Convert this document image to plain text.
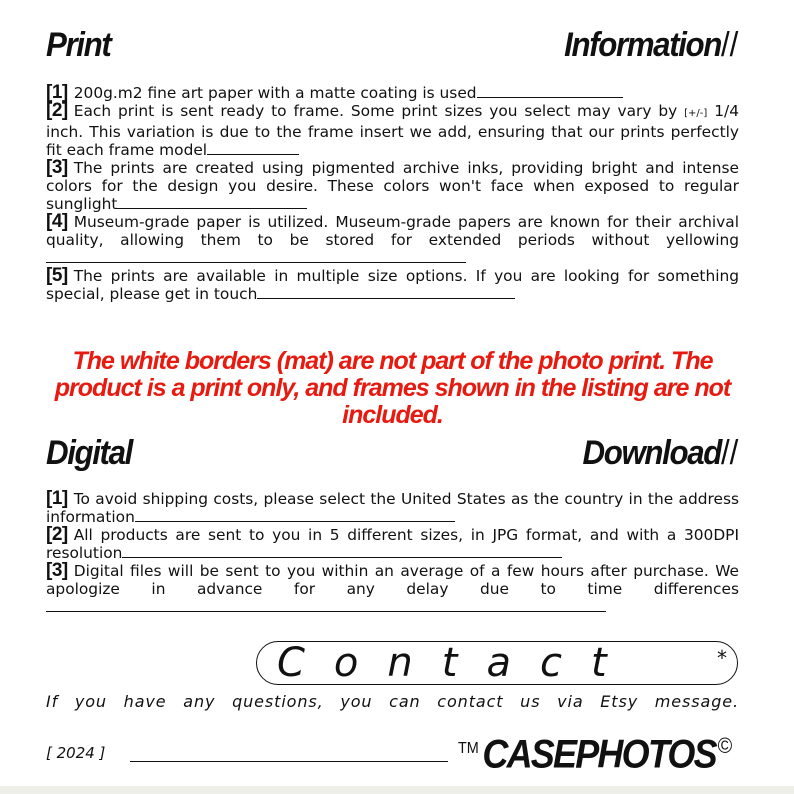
Print	Information//

[1] 200g.m2 fine art paper with a matte coating is used

[2] Each print is sent ready to frame. Some print sizes you select may vary by [+/-] 1/4 inch. This variation is due to the frame insert we add, ensuring that our prints perfectly fit each frame model

[3] The prints are created using pigmented archive inks, providing bright and intense colors for the design you desire. These colors won't face when exposed to regular sunglight

[4] Museum-grade paper is utilized. Museum-grade papers are known for their archival quality, allowing them to be stored for extended periods without yellowing

[5] The prints are available in multiple size options. If you are looking for something special, please get in touch

The white borders (mat) are not part of the photo print. The product is a print only, and frames shown in the listing are not included.
Digital	Download//

[1] To avoid shipping costs, please select the United States as the country in the address information

[2] All products are sent to you in 5 different sizes, in JPG format, and with a 300DPI resolution

[3] Digital files will be sent to you within an average of a few hours after purchase. We apologize in advance for any delay due to time differences

Contact	*
If you have any questions, you can contact us via Etsy message.
[ 2024 ]	™CASEPHOTOS©
